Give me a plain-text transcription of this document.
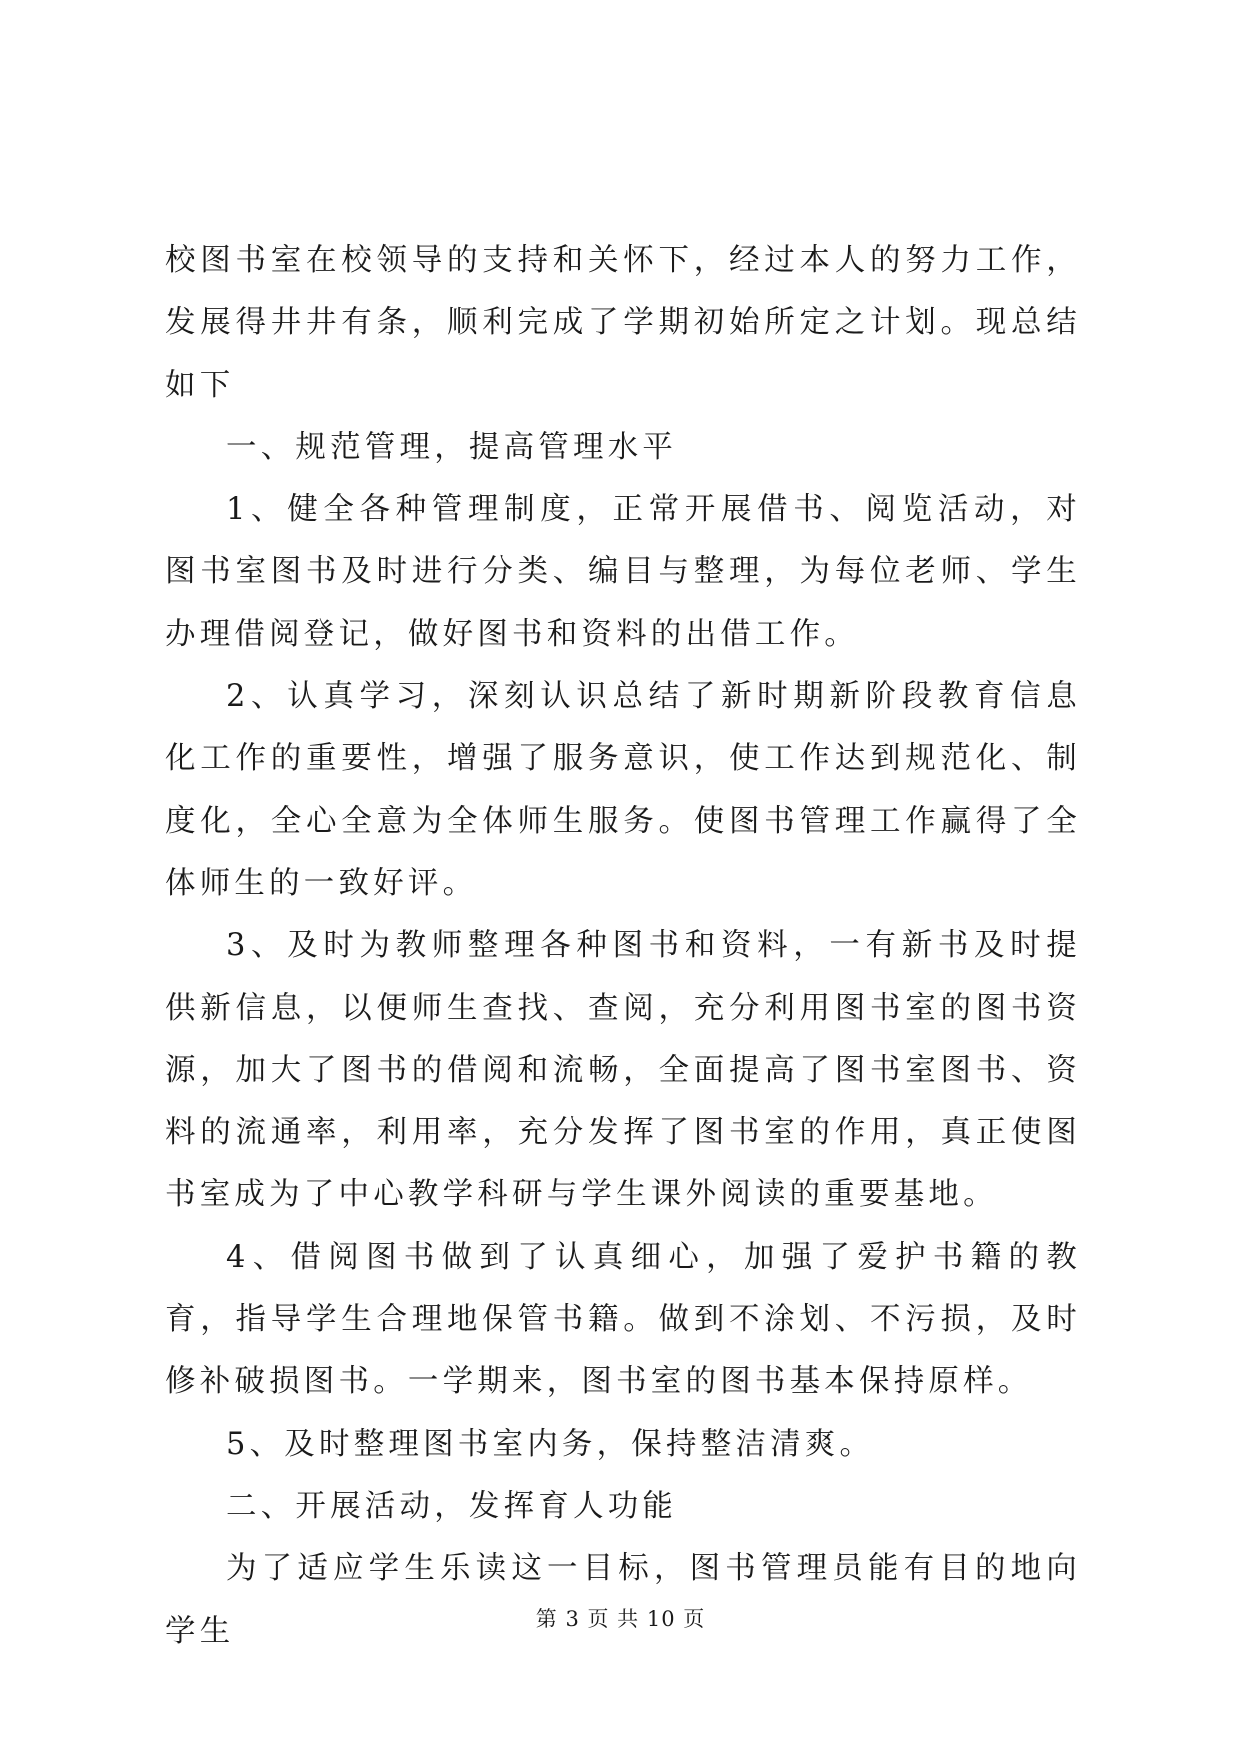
校图书室在校领导的支持和关怀下，经过本人的努力工作，发展得井井有条，顺利完成了学期初始所定之计划。现总结如下

一、规范管理，提高管理水平

1、健全各种管理制度，正常开展借书、阅览活动，对图书室图书及时进行分类、编目与整理，为每位老师、学生办理借阅登记，做好图书和资料的出借工作。

2、认真学习，深刻认识总结了新时期新阶段教育信息化工作的重要性，增强了服务意识，使工作达到规范化、制度化，全心全意为全体师生服务。使图书管理工作赢得了全体师生的一致好评。

3、及时为教师整理各种图书和资料，一有新书及时提供新信息，以便师生查找、查阅，充分利用图书室的图书资源，加大了图书的借阅和流畅，全面提高了图书室图书、资料的流通率，利用率，充分发挥了图书室的作用，真正使图书室成为了中心教学科研与学生课外阅读的重要基地。

4、借阅图书做到了认真细心，加强了爱护书籍的教育，指导学生合理地保管书籍。做到不涂划、不污损，及时修补破损图书。一学期来，图书室的图书基本保持原样。

5、及时整理图书室内务，保持整洁清爽。

二、开展活动，发挥育人功能

为了适应学生乐读这一目标，图书管理员能有目的地向学生	第 3 页 共 10 页
